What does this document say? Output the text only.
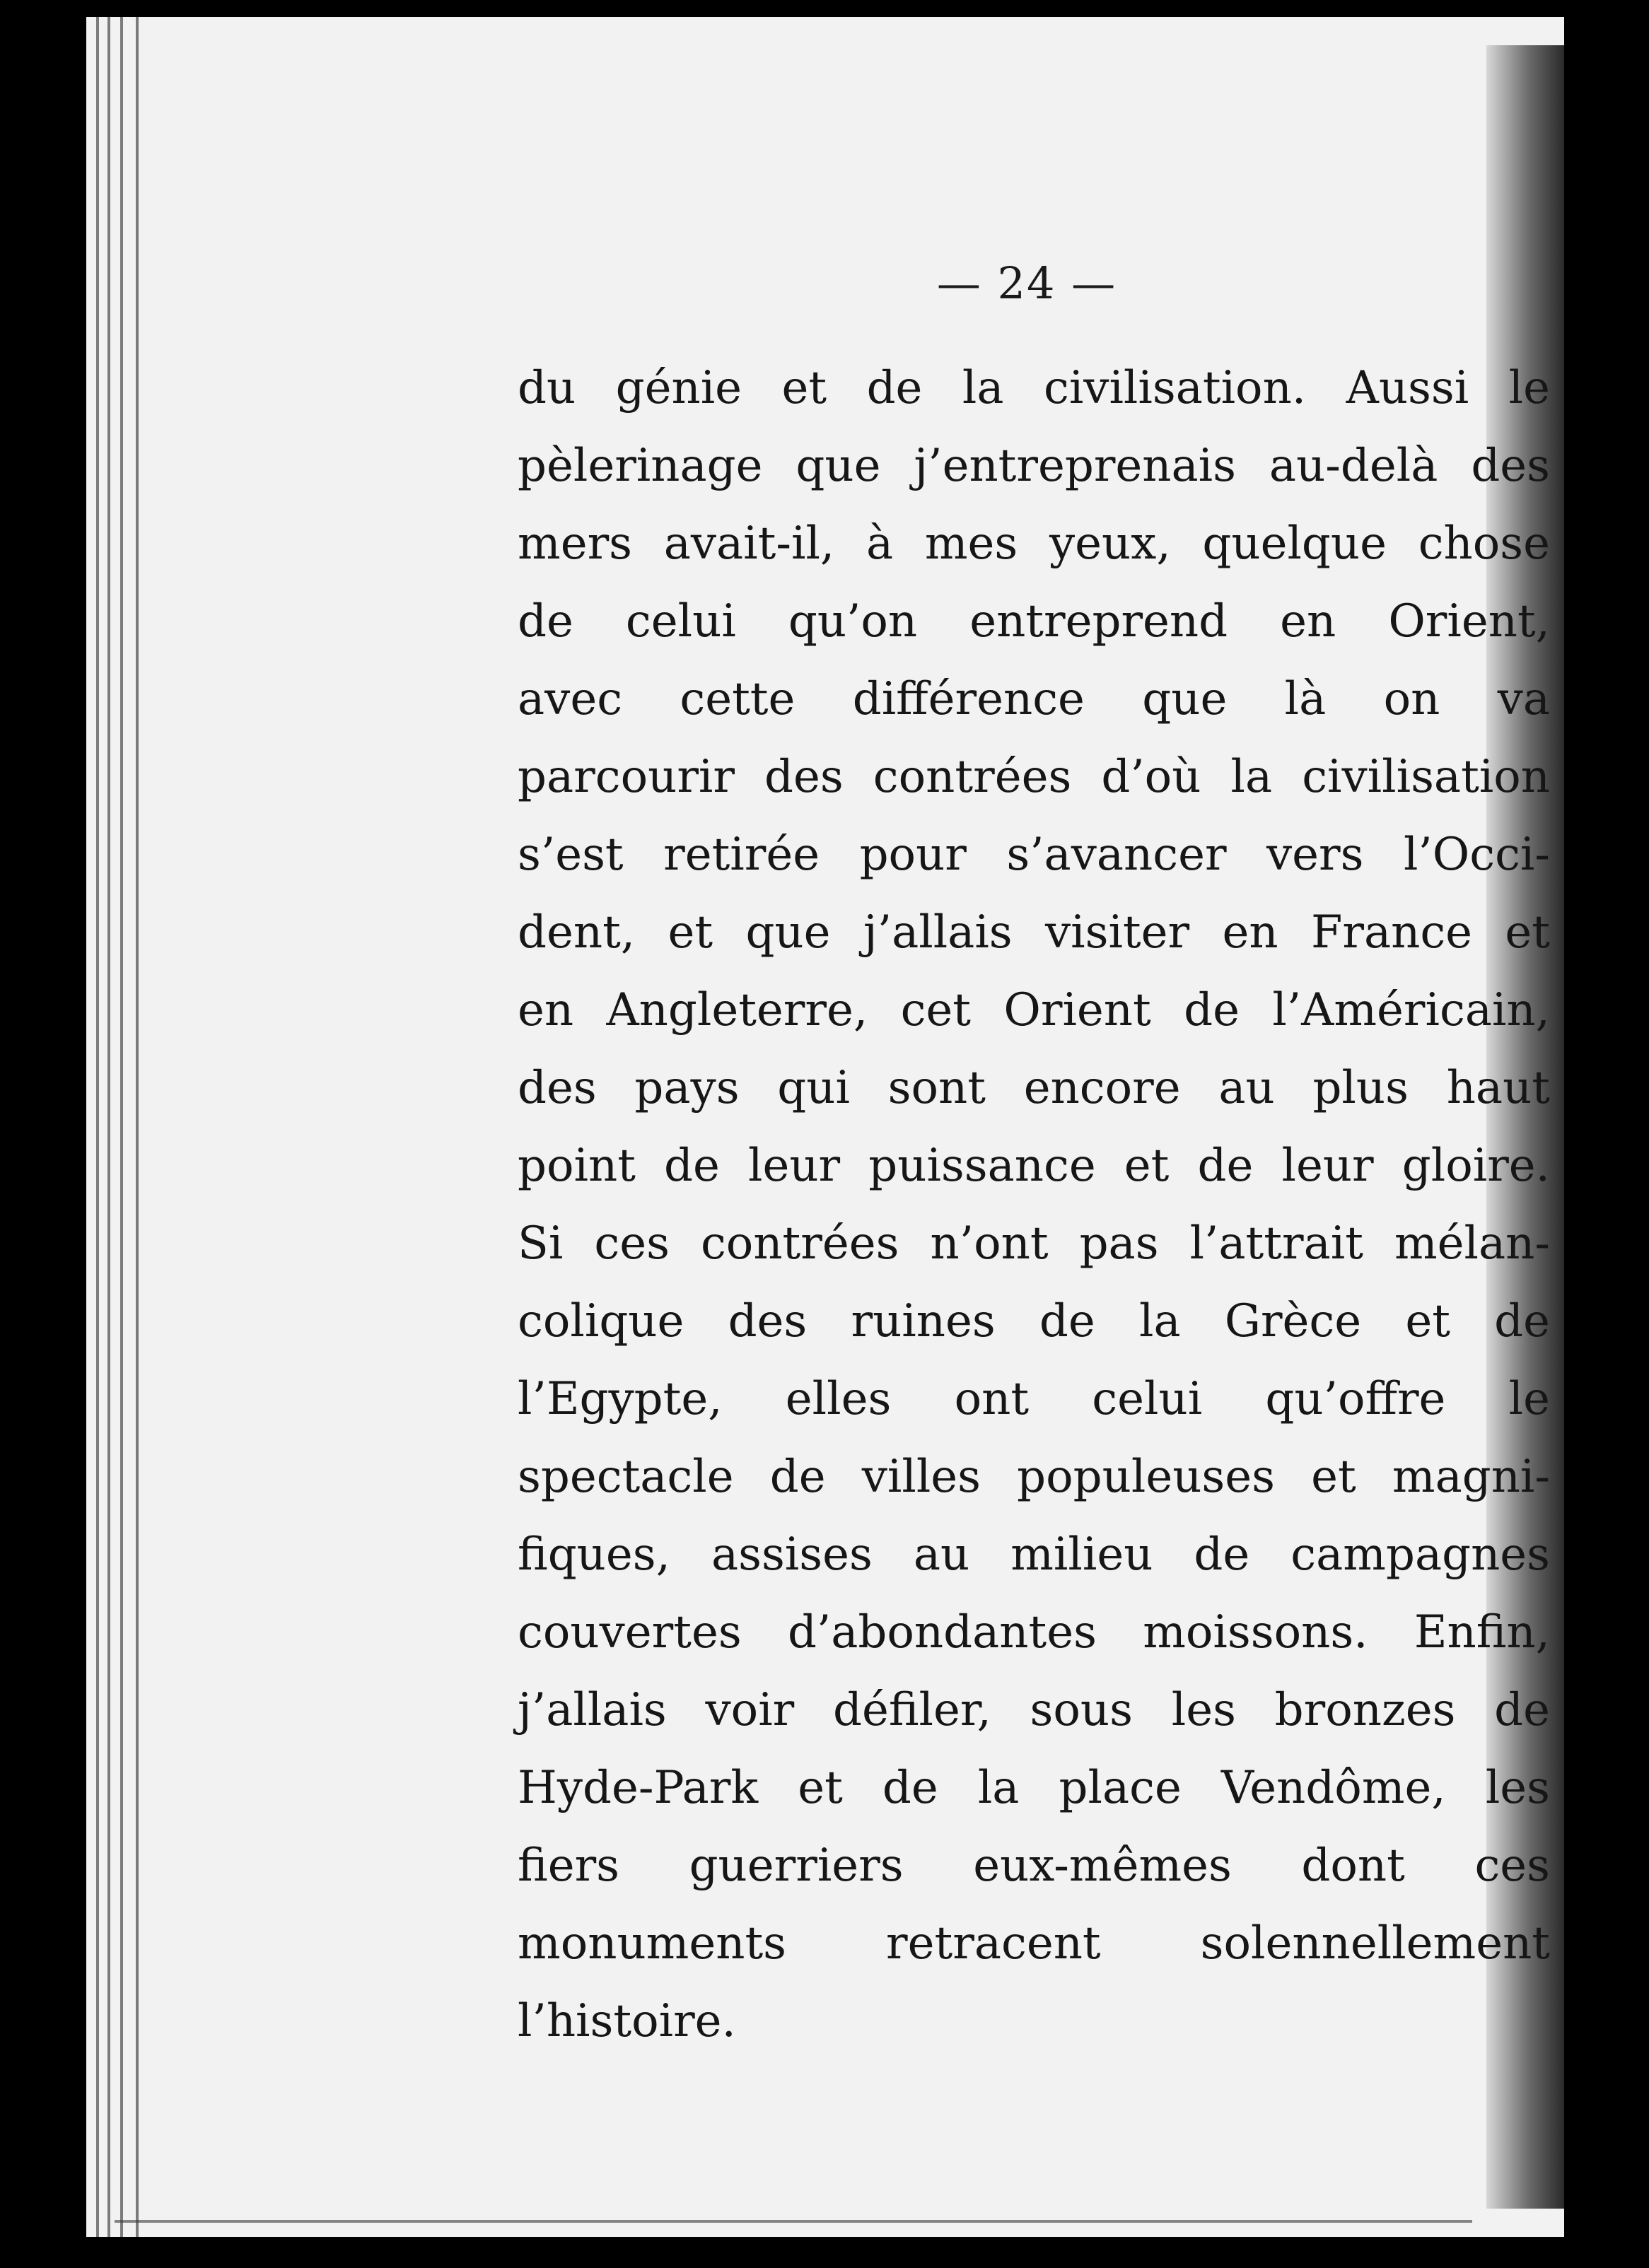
— 24 —
du génie et de la civilisation. Aussi le
pèlerinage que j’entreprenais au-delà des
mers avait-il, à mes yeux, quelque chose
de celui qu’on entreprend en Orient,
avec cette différence que là on va
parcourir des contrées d’où la civilisation
s’est retirée pour s’avancer vers l’Occi-
dent, et que j’allais visiter en France et
en Angleterre, cet Orient de l’Américain,
des pays qui sont encore au plus haut
point de leur puissance et de leur gloire.
Si ces contrées n’ont pas l’attrait mélan-
colique des ruines de la Grèce et de
l’Egypte, elles ont celui qu’offre le
spectacle de villes populeuses et magni-
fiques, assises au milieu de campagnes
couvertes d’abondantes moissons. Enfin,
j’allais voir défiler, sous les bronzes de
Hyde-Park et de la place Vendôme, les
fiers guerriers eux-mêmes dont ces
monuments retracent solennellement
l’histoire.
